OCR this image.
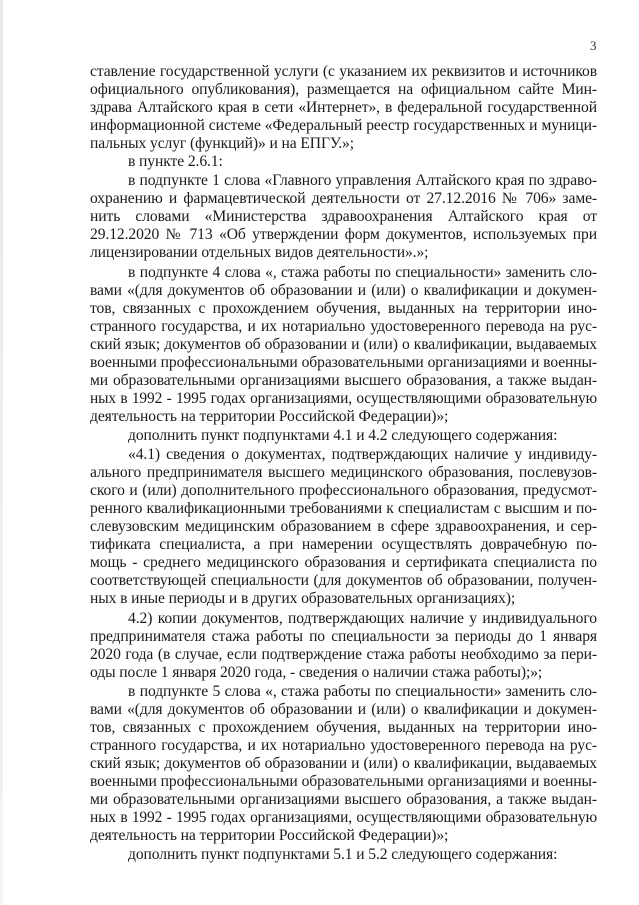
3
ставление государственной услуги (с указанием их реквизитов и источников
официального опубликования), размещается на официальном сайте Мин-
здрава Алтайского края в сети «Интернет», в федеральной государственной
информационной системе «Федеральный реестр государственных и муници-
пальных услуг (функций)» и на ЕПГУ.»;
в пункте 2.6.1:
в подпункте 1 слова «Главного управления Алтайского края по здраво-
охранению и фармацевтической деятельности от 27.12.2016 № 706» заме-
нить словами «Министерства здравоохранения Алтайского края от
29.12.2020 № 713 «Об утверждении форм документов, используемых при
лицензировании отдельных видов деятельности».»;
в подпункте 4 слова «, стажа работы по специальности» заменить сло-
вами «(для документов об образовании и (или) о квалификации и докумен-
тов, связанных с прохождением обучения, выданных на территории ино-
странного государства, и их нотариально удостоверенного перевода на рус-
ский язык; документов об образовании и (или) о квалификации, выдаваемых
военными профессиональными образовательными организациями и военны-
ми образовательными организациями высшего образования, а также выдан-
ных в 1992 - 1995 годах организациями, осуществляющими образовательную
деятельность на территории Российской Федерации)»;
дополнить пункт подпунктами 4.1 и 4.2 следующего содержания:
«4.1) сведения о документах, подтверждающих наличие у индивиду-
ального предпринимателя высшего медицинского образования, послевузов-
ского и (или) дополнительного профессионального образования, предусмот-
ренного квалификационными требованиями к специалистам с высшим и по-
слевузовским медицинским образованием в сфере здравоохранения, и сер-
тификата специалиста, а при намерении осуществлять доврачебную по-
мощь - среднего медицинского образования и сертификата специалиста по
соответствующей специальности (для документов об образовании, получен-
ных в иные периоды и в других образовательных организациях);
4.2) копии документов, подтверждающих наличие у индивидуального
предпринимателя стажа работы по специальности за периоды до 1 января
2020 года (в случае, если подтверждение стажа работы необходимо за пери-
оды после 1 января 2020 года, - сведения о наличии стажа работы);»;
в подпункте 5 слова «, стажа работы по специальности» заменить сло-
вами «(для документов об образовании и (или) о квалификации и докумен-
тов, связанных с прохождением обучения, выданных на территории ино-
странного государства, и их нотариально удостоверенного перевода на рус-
ский язык; документов об образовании и (или) о квалификации, выдаваемых
военными профессиональными образовательными организациями и военны-
ми образовательными организациями высшего образования, а также выдан-
ных в 1992 - 1995 годах организациями, осуществляющими образовательную
деятельность на территории Российской Федерации)»;
дополнить пункт подпунктами 5.1 и 5.2 следующего содержания:
